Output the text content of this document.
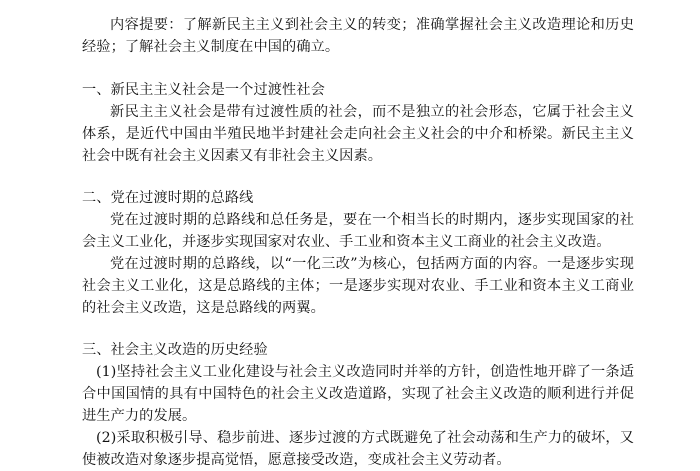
内容提要：了解新民主主义到社会主义的转变；准确掌握社会主义改造理论和历史经验；了解社会主义制度在中国的确立。

一、新民主主义社会是一个过渡性社会

新民主主义社会是带有过渡性质的社会，而不是独立的社会形态，它属于社会主义体系，是近代中国由半殖民地半封建社会走向社会主义社会的中介和桥梁。新民主主义社会中既有社会主义因素又有非社会主义因素。

二、党在过渡时期的总路线

党在过渡时期的总路线和总任务是，要在一个相当长的时期内，逐步实现国家的社会主义工业化，并逐步实现国家对农业、手工业和资本主义工商业的社会主义改造。

党在过渡时期的总路线，以“一化三改”为核心，包括两方面的内容。一是逐步实现社会主义工业化，这是总路线的主体；一是逐步实现对农业、手工业和资本主义工商业的社会主义改造，这是总路线的两翼。

三、社会主义改造的历史经验

(1)坚持社会主义工业化建设与社会主义改造同时并举的方针，创造性地开辟了一条适合中国国情的具有中国特色的社会主义改造道路，实现了社会主义改造的顺利进行并促进生产力的发展。

(2)采取积极引导、稳步前进、逐步过渡的方式既避免了社会动荡和生产力的破坏，又使被改造对象逐步提高觉悟，愿意接受改造，变成社会主义劳动者。
